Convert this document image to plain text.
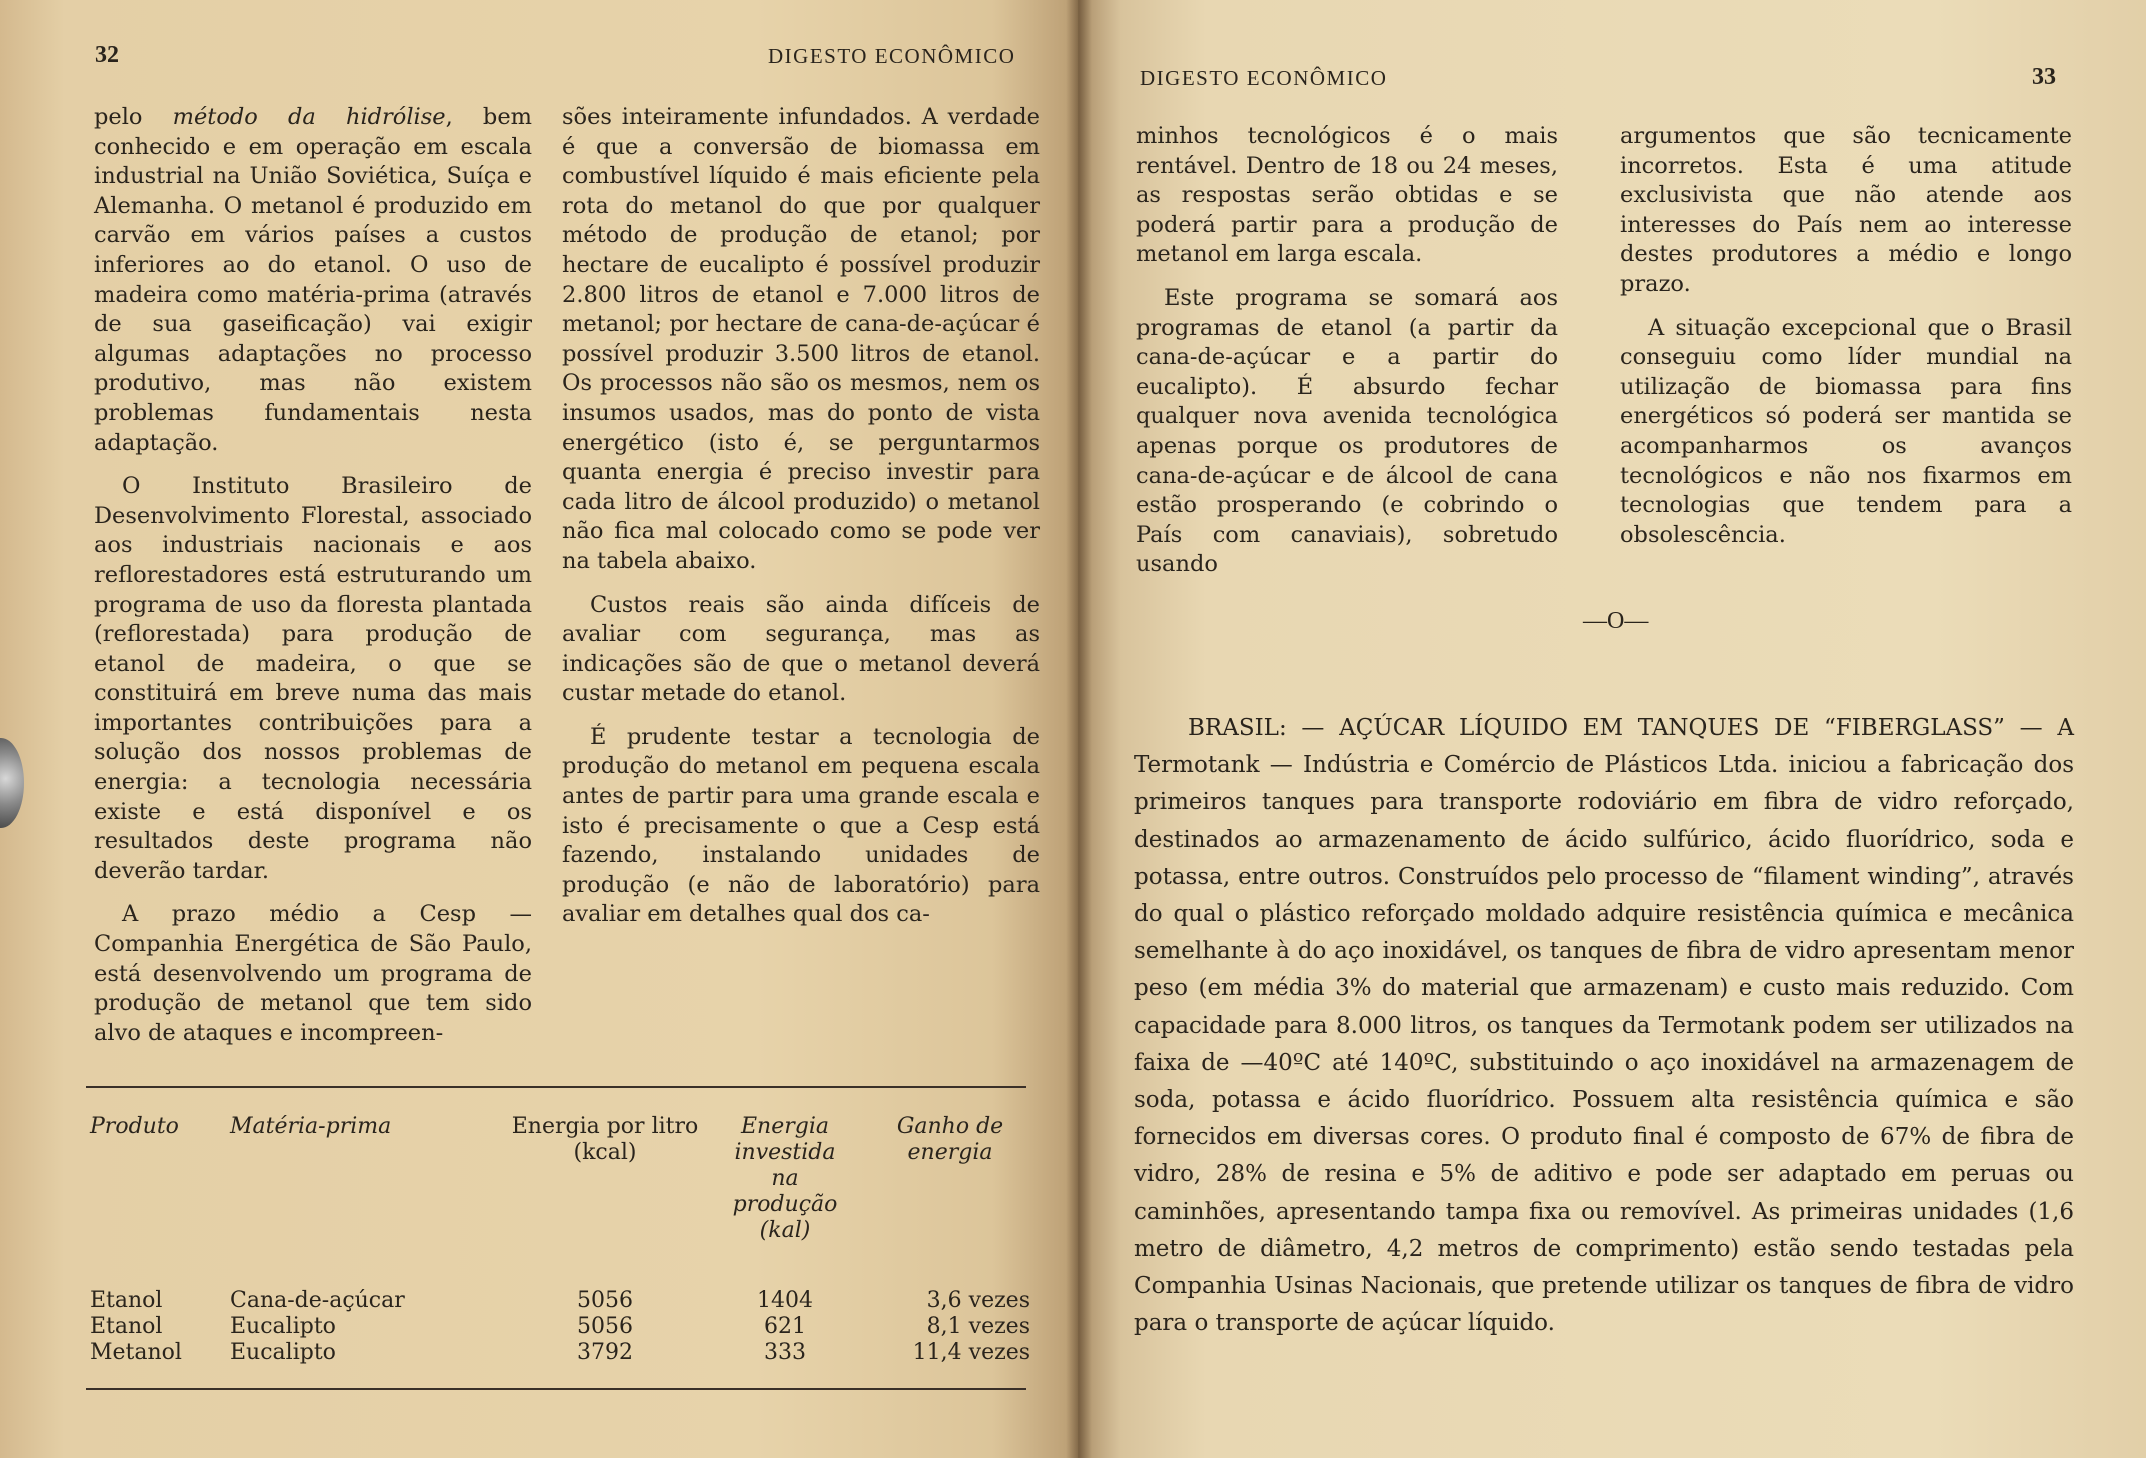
32	DIGESTO ECONÔMICO

pelo método da hidrólise, bem conhecido e em operação em escala industrial na União Soviética, Suíça e Alemanha. O metanol é produzido em carvão em vários países a custos inferiores ao do etanol. O uso de madeira como matéria-prima (através de sua gaseificação) vai exigir algumas adaptações no processo produtivo, mas não existem problemas fundamentais nesta adaptação.

O Instituto Brasileiro de Desenvolvimento Florestal, associado aos industriais nacionais e aos reflorestadores está estruturando um programa de uso da floresta plantada (reflorestada) para produção de etanol de madeira, o que se constituirá em breve numa das mais importantes contribuições para a solução dos nossos problemas de energia: a tecnologia necessária existe e está disponível e os resultados deste programa não deverão tardar.

A prazo médio a Cesp — Companhia Energética de São Paulo, está desenvolvendo um programa de produção de metanol que tem sido alvo de ataques e incompreen-

sões inteiramente infundados. A verdade é que a conversão de biomassa em combustível líquido é mais eficiente pela rota do metanol do que por qualquer método de produção de etanol; por hectare de eucalipto é possível produzir 2.800 litros de etanol e 7.000 litros de metanol; por hectare de cana-de-açúcar é possível produzir 3.500 litros de etanol. Os processos não são os mesmos, nem os insumos usados, mas do ponto de vista energético (isto é, se perguntarmos quanta energia é preciso investir para cada litro de álcool produzido) o metanol não fica mal colocado como se pode ver na tabela abaixo.

Custos reais são ainda difíceis de avaliar com segurança, mas as indicações são de que o metanol deverá custar metade do etanol.

É prudente testar a tecnologia de produção do metanol em pequena escala antes de partir para uma grande escala e isto é precisamente o que a Cesp está fazendo, instalando unidades de produção (e não de laboratório) para avaliar em detalhes qual dos ca-

Produto	Matéria-prima	Energia por litro (kcal)	Energia investida na produção (kal)	Ganho de energia

Etanol	Cana-de-açúcar	5056	1404	3,6 vezes
Etanol	Eucalipto	5056	621	8,1 vezes
Metanol	Eucalipto	3792	333	11,4 vezes
DIGESTO ECONÔMICO	33

minhos tecnológicos é o mais rentável. Dentro de 18 ou 24 meses, as respostas serão obtidas e se poderá partir para a produção de metanol em larga escala.

Este programa se somará aos programas de etanol (a partir da cana-de-açúcar e a partir do eucalipto). É absurdo fechar qualquer nova avenida tecnológica apenas porque os produtores de cana-de-açúcar e de álcool de cana estão prosperando (e cobrindo o País com canaviais), sobretudo usando

argumentos que são tecnicamente incorretos. Esta é uma atitude exclusivista que não atende aos interesses do País nem ao interesse destes produtores a médio e longo prazo.

A situação excepcional que o Brasil conseguiu como líder mundial na utilização de biomassa para fins energéticos só poderá ser mantida se acompanharmos os avanços tecnológicos e não nos fixarmos em tecnologias que tendem para a obsolescência.

—O—

BRASIL: — AÇÚCAR LÍQUIDO EM TANQUES DE “FIBERGLASS” — A Termotank — Indústria e Comércio de Plásticos Ltda. iniciou a fabricação dos primeiros tanques para transporte rodoviário em fibra de vidro reforçado, destinados ao armazenamento de ácido sulfúrico, ácido fluorídrico, soda e potassa, entre outros. Construídos pelo processo de “filament winding”, através do qual o plástico reforçado moldado adquire resistência química e mecânica semelhante à do aço inoxidável, os tanques de fibra de vidro apresentam menor peso (em média 3% do material que armazenam) e custo mais reduzido. Com capacidade para 8.000 litros, os tanques da Termotank podem ser utilizados na faixa de —40ºC até 140ºC, substituindo o aço inoxidável na armazenagem de soda, potassa e ácido fluorídrico. Possuem alta resistência química e são fornecidos em diversas cores. O produto final é composto de 67% de fibra de vidro, 28% de resina e 5% de aditivo e pode ser adaptado em peruas ou caminhões, apresentando tampa fixa ou removível. As primeiras unidades (1,6 metro de diâmetro, 4,2 metros de comprimento) estão sendo testadas pela Companhia Usinas Nacionais, que pretende utilizar os tanques de fibra de vidro para o transporte de açúcar líquido.
